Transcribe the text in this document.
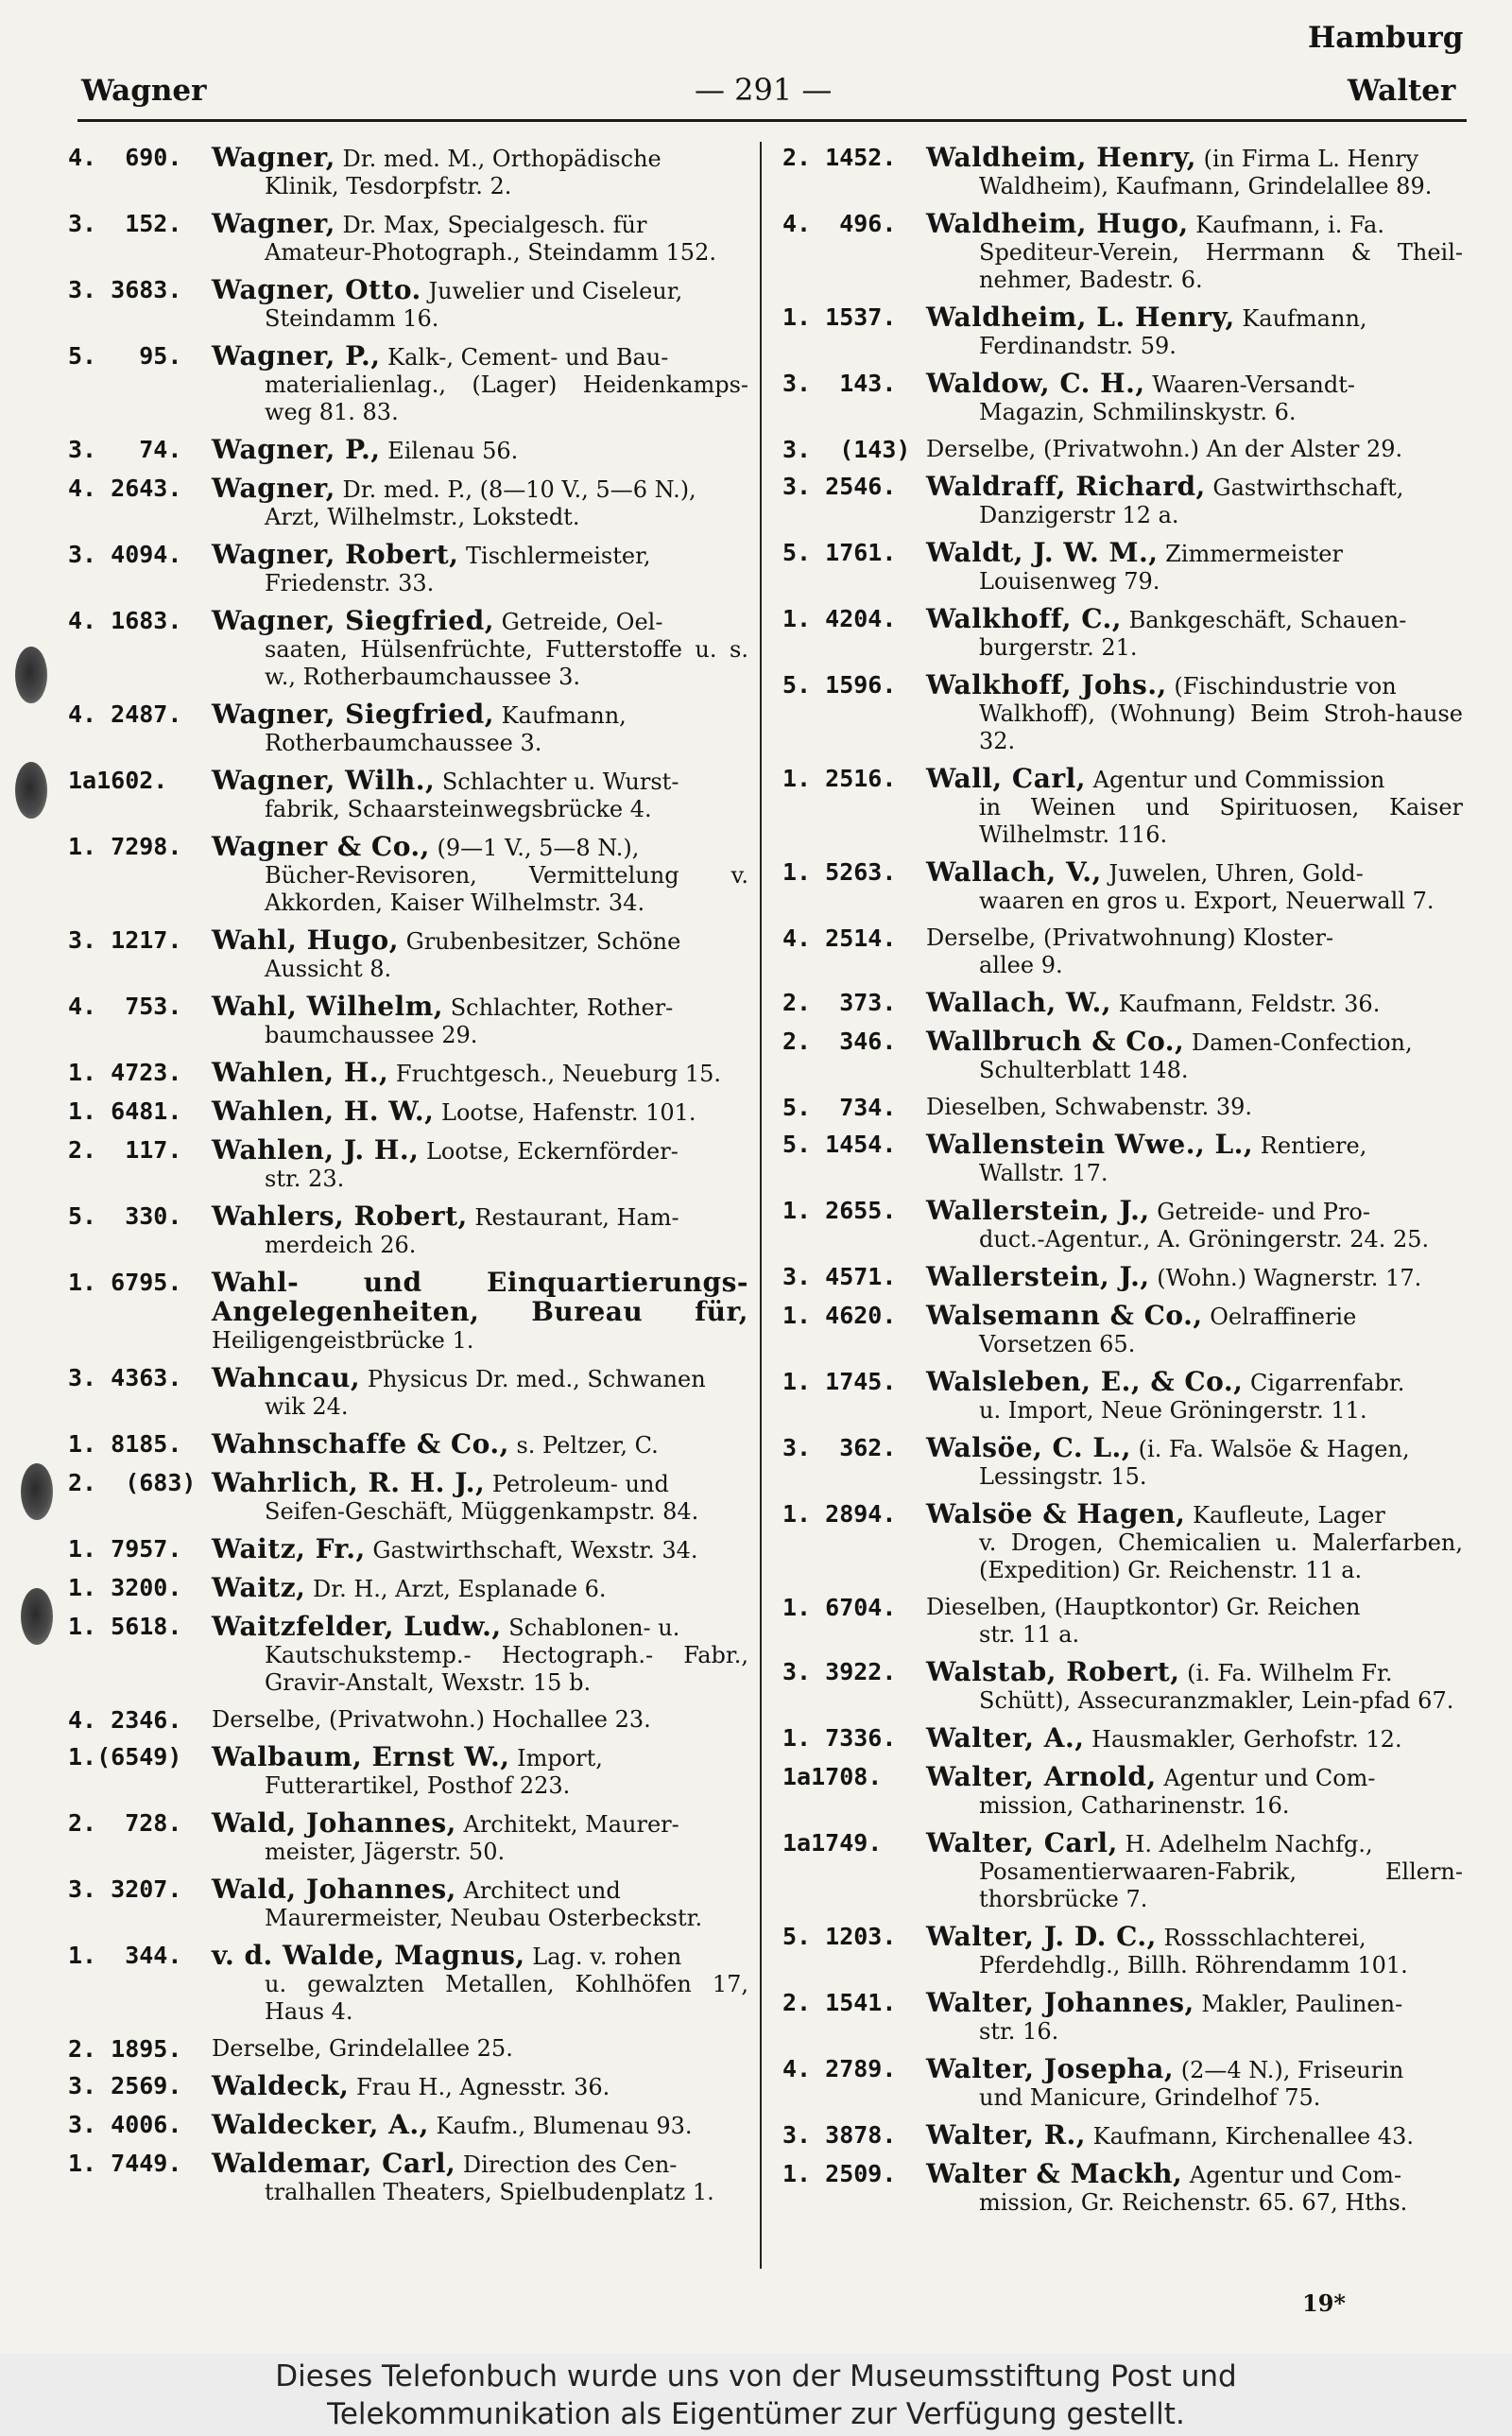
Hamburg
Wagner	— 291 —	Walter
4.  690.	Wagner, Dr. med. M., Orthopädische
Klinik, Tesdorpfstr. 2.
3.  152.	Wagner, Dr. Max, Specialgesch. für
Amateur-Photograph., Steindamm 152.
3. 3683.	Wagner, Otto. Juwelier und Ciseleur,
Steindamm 16.
5.   95.	Wagner, P., Kalk-, Cement- und Bau-
materialienlag., (Lager) Heidenkamps-weg 81. 83.
3.   74.	Wagner, P., Eilenau 56.
4. 2643.	Wagner, Dr. med. P., (8—10 V., 5—6 N.),
Arzt, Wilhelmstr., Lokstedt.
3. 4094.	Wagner, Robert, Tischlermeister,
Friedenstr. 33.
4. 1683.	Wagner, Siegfried, Getreide, Oel-
saaten, Hülsenfrüchte, Futterstoffe u. s. w., Rotherbaumchaussee 3.
4. 2487.	Wagner, Siegfried, Kaufmann,
Rotherbaumchaussee 3.
1a1602.	Wagner, Wilh., Schlachter u. Wurst-
fabrik, Schaarsteinwegsbrücke 4.
1. 7298.	Wagner & Co., (9—1 V., 5—8 N.),
Bücher-Revisoren, Vermittelung v. Akkorden, Kaiser Wilhelmstr. 34.
3. 1217.	Wahl, Hugo, Grubenbesitzer, Schöne
Aussicht 8.
4.  753.	Wahl, Wilhelm, Schlachter, Rother-
baumchaussee 29.
1. 4723.	Wahlen, H., Fruchtgesch., Neueburg 15.
1. 6481.	Wahlen, H. W., Lootse, Hafenstr. 101.
2.  117.	Wahlen, J. H., Lootse, Eckernförder-
str. 23.
5.  330.	Wahlers, Robert, Restaurant, Ham-
merdeich 26.
1. 6795.	Wahl- und Einquartierungs-Angelegenheiten, Bureau für, Heiligengeistbrücke 1.
3. 4363.	Wahncau, Physicus Dr. med., Schwanen
wik 24.
1. 8185.	Wahnschaffe & Co., s. Peltzer, C.
2.  (683) Wahrlich, R. H. J., Petroleum- und
Seifen-Geschäft, Müggenkampstr. 84.
1. 7957.	Waitz, Fr., Gastwirthschaft, Wexstr. 34.
1. 3200.	Waitz, Dr. H., Arzt, Esplanade 6.
1. 5618.	Waitzfelder, Ludw., Schablonen- u.
Kautschukstemp.- Hectograph.- Fabr., Gravir-Anstalt, Wexstr. 15 b.
4. 2346.	Derselbe, (Privatwohn.) Hochallee 23.
1.(6549)	Walbaum, Ernst W., Import,
Futterartikel, Posthof 223.
2.  728.	Wald, Johannes, Architekt, Maurer-
meister, Jägerstr. 50.
3. 3207.	Wald, Johannes, Architect und
Maurermeister, Neubau Osterbeckstr.
1.  344.	v. d. Walde, Magnus, Lag. v. rohen
u. gewalzten Metallen, Kohlhöfen 17, Haus 4.
2. 1895.	Derselbe, Grindelallee 25.
3. 2569.	Waldeck, Frau H., Agnesstr. 36.
3. 4006.	Waldecker, A., Kaufm., Blumenau 93.
1. 7449.	Waldemar, Carl, Direction des Cen-
tralhallen Theaters, Spielbudenplatz 1.
2. 1452.	Waldheim, Henry, (in Firma L. Henry
Waldheim), Kaufmann, Grindelallee 89.
4.  496.	Waldheim, Hugo, Kaufmann, i. Fa.
Spediteur-Verein, Herrmann & Theil-nehmer, Badestr. 6.
1. 1537.	Waldheim, L. Henry, Kaufmann,
Ferdinandstr. 59.
3.  143.	Waldow, C. H., Waaren-Versandt-
Magazin, Schmilinskystr. 6.
3.  (143) Derselbe, (Privatwohn.) An der Alster 29.
3. 2546.	Waldraff, Richard, Gastwirthschaft,
Danzigerstr 12 a.
5. 1761.	Waldt, J. W. M., Zimmermeister
Louisenweg 79.
1. 4204.	Walkhoff, C., Bankgeschäft, Schauen-
burgerstr. 21.
5. 1596.	Walkhoff, Johs., (Fischindustrie von
Walkhoff), (Wohnung) Beim Stroh-hause 32.
1. 2516.	Wall, Carl, Agentur und Commission
in Weinen und Spirituosen, Kaiser Wilhelmstr. 116.
1. 5263.	Wallach, V., Juwelen, Uhren, Gold-
waaren en gros u. Export, Neuerwall 7.
4. 2514.	Derselbe, (Privatwohnung) Kloster-
allee 9.
2.  373.	Wallach, W., Kaufmann, Feldstr. 36.
2.  346.	Wallbruch & Co., Damen-Confection,
Schulterblatt 148.
5.  734.	Dieselben, Schwabenstr. 39.
5. 1454.	Wallenstein Wwe., L., Rentiere,
Wallstr. 17.
1. 2655.	Wallerstein, J., Getreide- und Pro-
duct.-Agentur., A. Gröningerstr. 24. 25.
3. 4571.	Wallerstein, J., (Wohn.) Wagnerstr. 17.
1. 4620.	Walsemann & Co., Oelraffinerie
Vorsetzen 65.
1. 1745.	Walsleben, E., & Co., Cigarrenfabr.
u. Import, Neue Gröningerstr. 11.
3.  362.	Walsöe, C. L., (i. Fa. Walsöe & Hagen,
Lessingstr. 15.
1. 2894.	Walsöe & Hagen, Kaufleute, Lager
v. Drogen, Chemicalien u. Malerfarben, (Expedition) Gr. Reichenstr. 11 a.
1. 6704.	Dieselben, (Hauptkontor) Gr. Reichen
str. 11 a.
3. 3922.	Walstab, Robert, (i. Fa. Wilhelm Fr.
Schütt), Assecuranzmakler, Lein-pfad 67.
1. 7336.	Walter, A., Hausmakler, Gerhofstr. 12.
1a1708.	Walter, Arnold, Agentur und Com-
mission, Catharinenstr. 16.
1a1749.	Walter, Carl, H. Adelhelm Nachfg.,
Posamentierwaaren-Fabrik, Ellern-thorsbrücke 7.
5. 1203.	Walter, J. D. C., Rossschlachterei,
Pferdehdlg., Billh. Röhrendamm 101.
2. 1541.	Walter, Johannes, Makler, Paulinen-
str. 16.
4. 2789.	Walter, Josepha, (2—4 N.), Friseurin
und Manicure, Grindelhof 75.
3. 3878.	Walter, R., Kaufmann, Kirchenallee 43.
1. 2509.	Walter & Mackh, Agentur und Com-
mission, Gr. Reichenstr. 65. 67, Hths.
19*
Dieses Telefonbuch wurde uns von der Museumsstiftung Post und
Telekommunikation als Eigentümer zur Verfügung gestellt.
